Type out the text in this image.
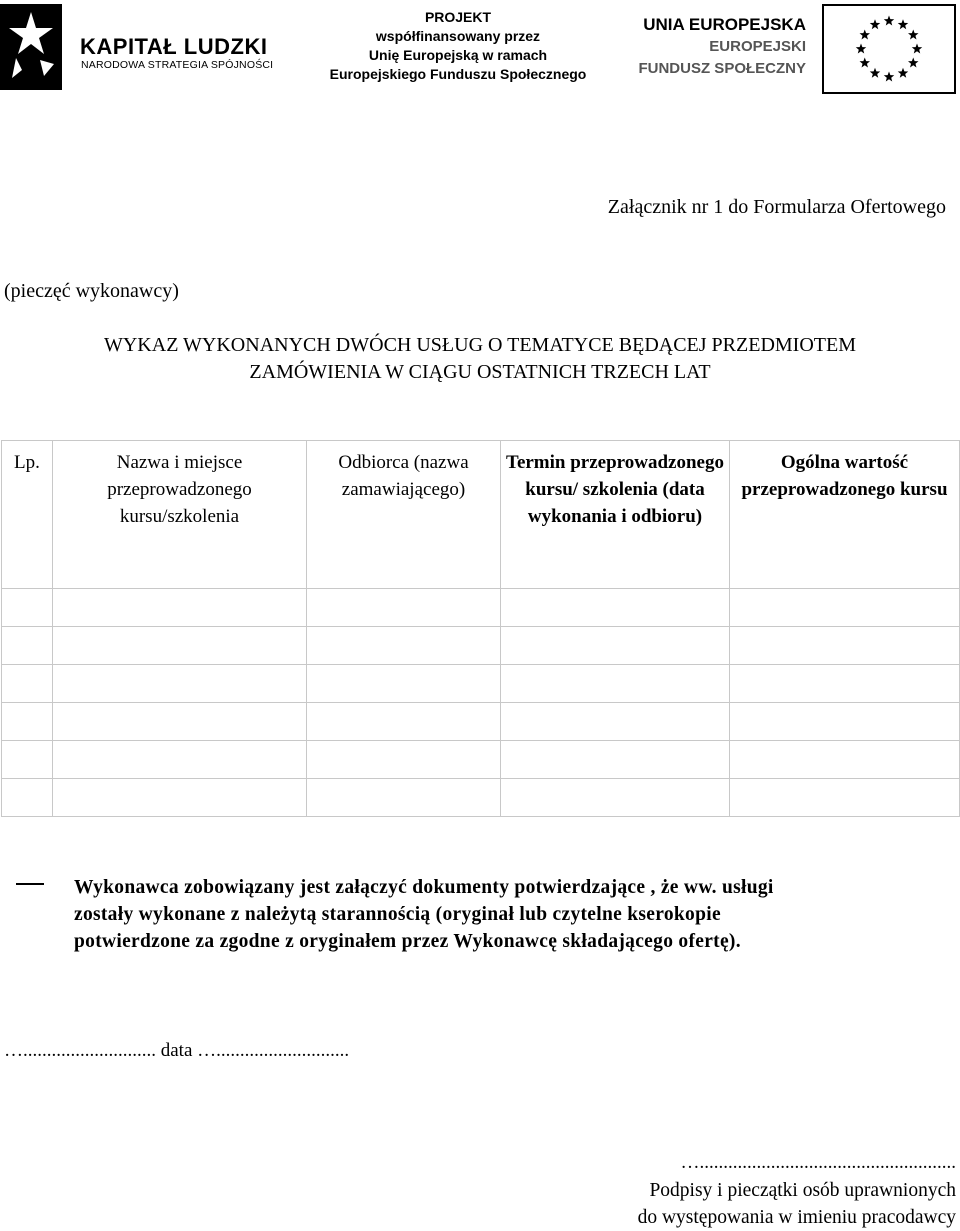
KAPITAŁ LUDZKI
NARODOWA STRATEGIA SPÓJNOŚCI
PROJEKT
współfinansowany przez
Unię Europejską w ramach
Europejskiego Funduszu Społecznego
UNIA EUROPEJSKA
EUROPEJSKI
FUNDUSZ SPOŁECZNY
Załącznik nr 1 do Formularza Ofertowego
(pieczęć wykonawcy)
WYKAZ WYKONANYCH DWÓCH USŁUG O TEMATYCE BĘDĄCEJ PRZEDMIOTEM
ZAMÓWIENIA W CIĄGU OSTATNICH TRZECH LAT
Lp.	Nazwa i miejsce przeprowadzonego kursu/szkolenia	Odbiorca (nazwa zamawiającego)	Termin przeprowadzonego kursu/ szkolenia (data wykonania i odbioru)	Ogólna wartość przeprowadzonego kursu

Wykonawca zobowiązany jest załączyć dokumenty potwierdzające , że ww. usługi
zostały wykonane z należytą starannością (oryginał lub czytelne kserokopie
potwierdzone za zgodne z oryginałem przez Wykonawcę składającego ofertę).
…............................ data …............................
…......................................................
Podpisy i pieczątki osób uprawnionych
do występowania w imieniu pracodawcy
